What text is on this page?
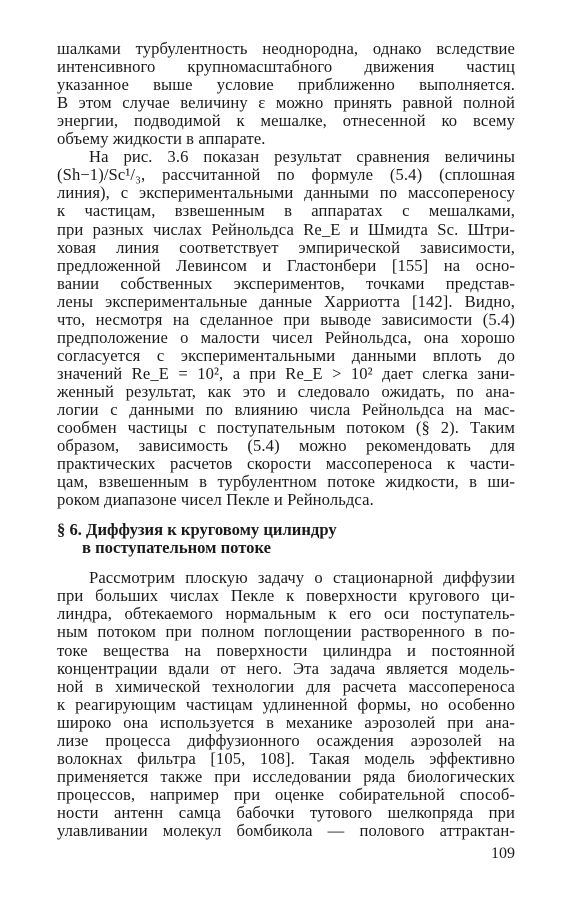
шалками турбулентность неоднородна, однако вследствие
интенсивного крупномасштабного движения частиц
указанное выше условие приближенно выполняется.
В этом случае величину ε можно принять равной полной
энергии, подводимой к мешалке, отнесенной ко всему
объему жидкости в аппарате.
На рис. 3.6 показан результат сравнения величины
(Sh−1)/Sc¹/₃, рассчитанной по формуле (5.4) (сплошная
линия), с экспериментальными данными по массопереносу
к частицам, взвешенным в аппаратах с мешалками,
при разных числах Рейнольдса Re_E и Шмидта Sc. Штри-
ховая линия соответствует эмпирической зависимости,
предложенной Левинсом и Гластонбери [155] на осно-
вании собственных экспериментов, точками представ-
лены экспериментальные данные Харриотта [142]. Видно,
что, несмотря на сделанное при выводе зависимости (5.4)
предположение о малости чисел Рейнольдса, она хорошо
согласуется с экспериментальными данными вплоть до
значений Re_E = 10², а при Re_E > 10² дает слегка зани-
женный результат, как это и следовало ожидать, по ана-
логии с данными по влиянию числа Рейнольдса на мас-
сообмен частицы с поступательным потоком (§ 2). Таким
образом, зависимость (5.4) можно рекомендовать для
практических расчетов скорости массопереноса к части-
цам, взвешенным в турбулентном потоке жидкости, в ши-
роком диапазоне чисел Пекле и Рейнольдса.
§ 6. Диффузия к круговому цилиндру
в поступательном потоке
Рассмотрим плоскую задачу о стационарной диффузии
при больших числах Пекле к поверхности кругового ци-
линдра, обтекаемого нормальным к его оси поступатель-
ным потоком при полном поглощении растворенного в по-
токе вещества на поверхности цилиндра и постоянной
концентрации вдали от него. Эта задача является модель-
ной в химической технологии для расчета массопереноса
к реагирующим частицам удлиненной формы, но особенно
широко она используется в механике аэрозолей при ана-
лизе процесса диффузионного осаждения аэрозолей на
волокнах фильтра [105, 108]. Такая модель эффективно
применяется также при исследовании ряда биологических
процессов, например при оценке собирательной способ-
ности антенн самца бабочки тутового шелкопряда при
улавливании молекул бомбикола — полового аттрактан-
109
